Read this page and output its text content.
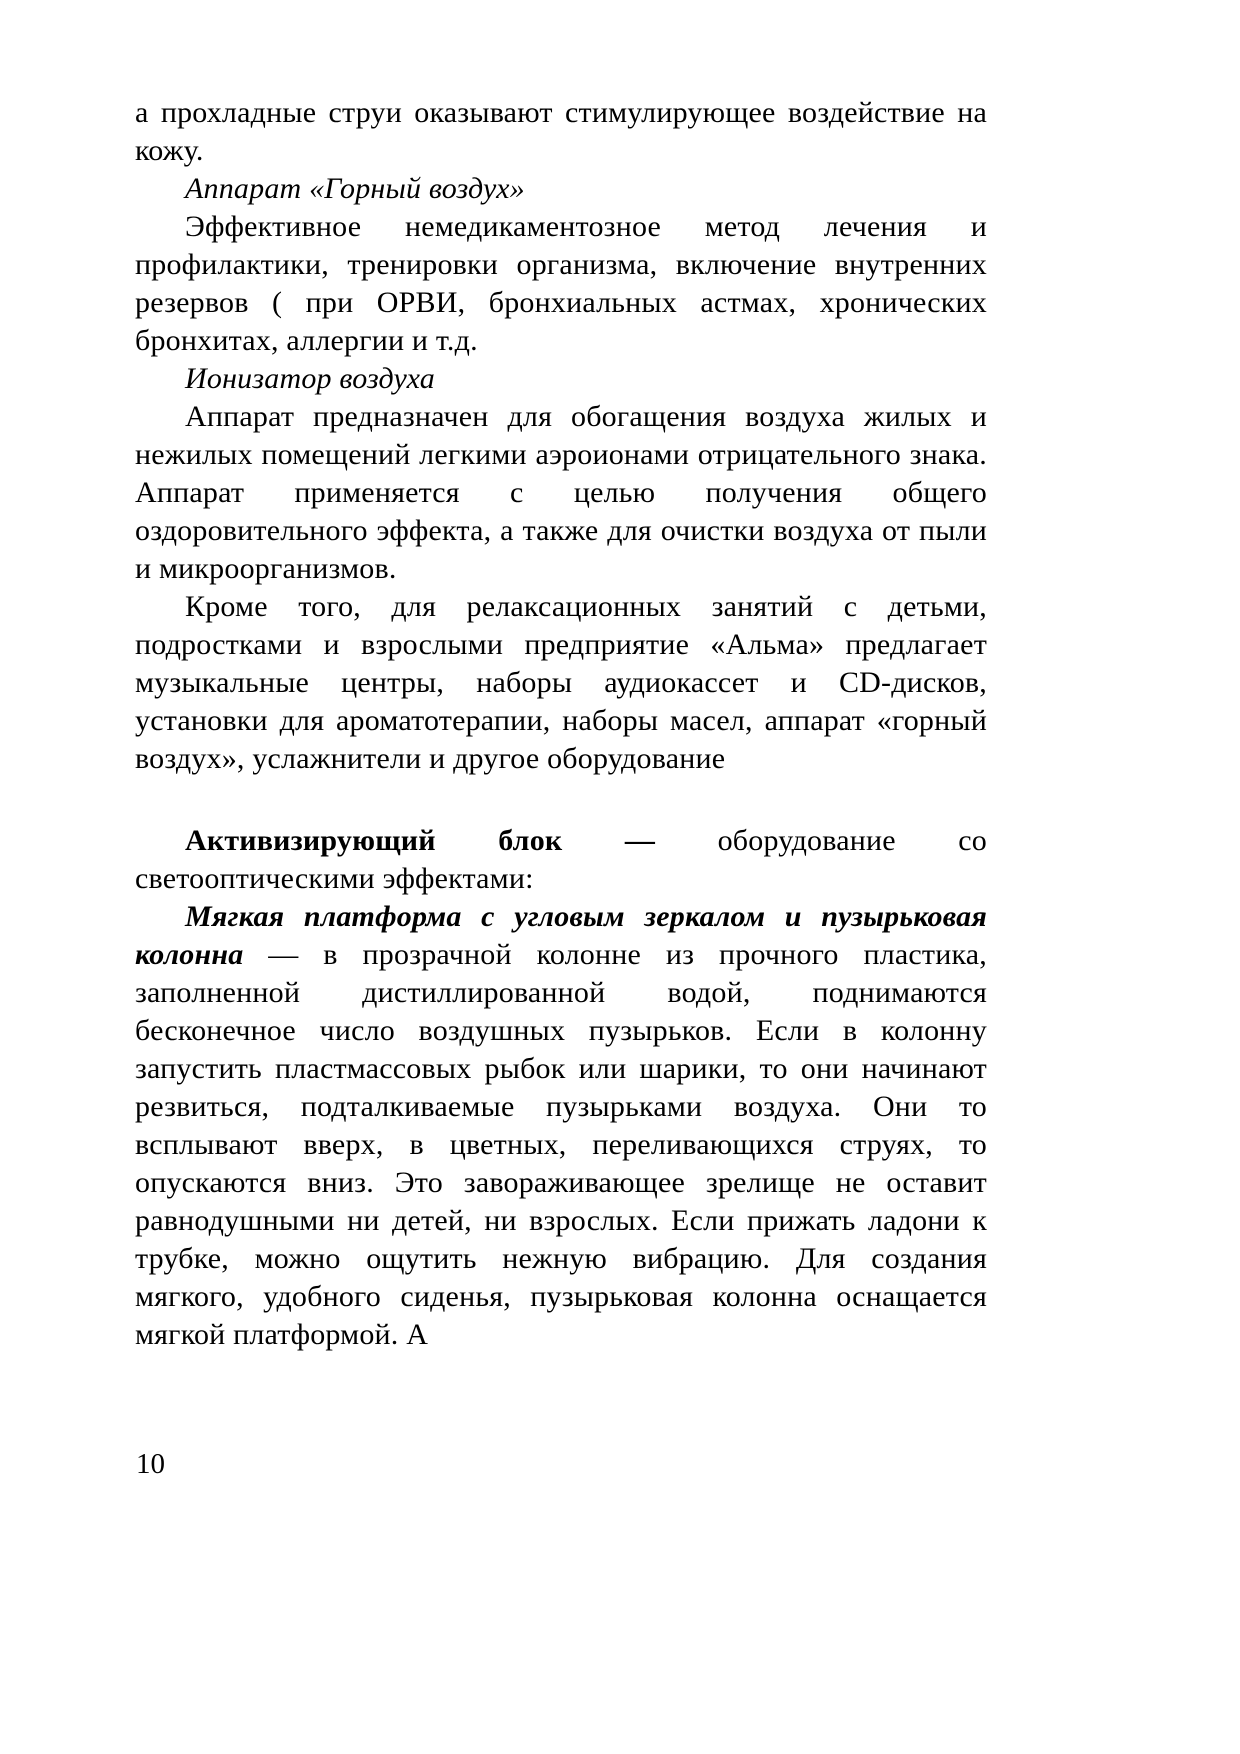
а прохладные струи оказывают стимулирующее воздействие на кожу.

Аппарат «Горный воздух»

Эффективное немедикаментозное метод лечения и профилактики, тренировки организма, включение внутренних резервов ( при ОРВИ, бронхиальных астмах, хронических бронхитах, аллергии и т.д.

Ионизатор воздуха

Аппарат предназначен для обогащения воздуха жилых и нежилых помещений легкими аэроионами отрицательного знака. Аппарат применяется с целью получения общего оздоровительного эффекта, а также для очистки воздуха от пыли и микроорганизмов.

Кроме того, для релаксационных занятий с детьми, подростками и взрослыми предприятие «Альма» предлагает музыкальные центры, наборы аудиокассет и CD-дисков, установки для ароматотерапии, наборы масел, аппарат «горный воздух», услажнители и другое оборудование

Активизирующий блок — оборудование со светооптическими эффектами:

Мягкая платформа с угловым зеркалом и пузырьковая колонна — в прозрачной колонне из прочного пластика, заполненной дистиллированной водой, поднимаются бесконечное число воздушных пузырьков. Если в колонну запустить пластмассовых рыбок или шарики, то они начинают резвиться, подталкиваемые пузырьками воздуха. Они то всплывают вверх, в цветных, переливающихся струях, то опускаются вниз. Это завораживающее зрелище не оставит равнодушными ни детей, ни взрослых. Если прижать ладони к трубке, можно ощутить нежную вибрацию. Для создания мягкого, удобного сиденья, пузырьковая колонна оснащается мягкой платформой. А

10
